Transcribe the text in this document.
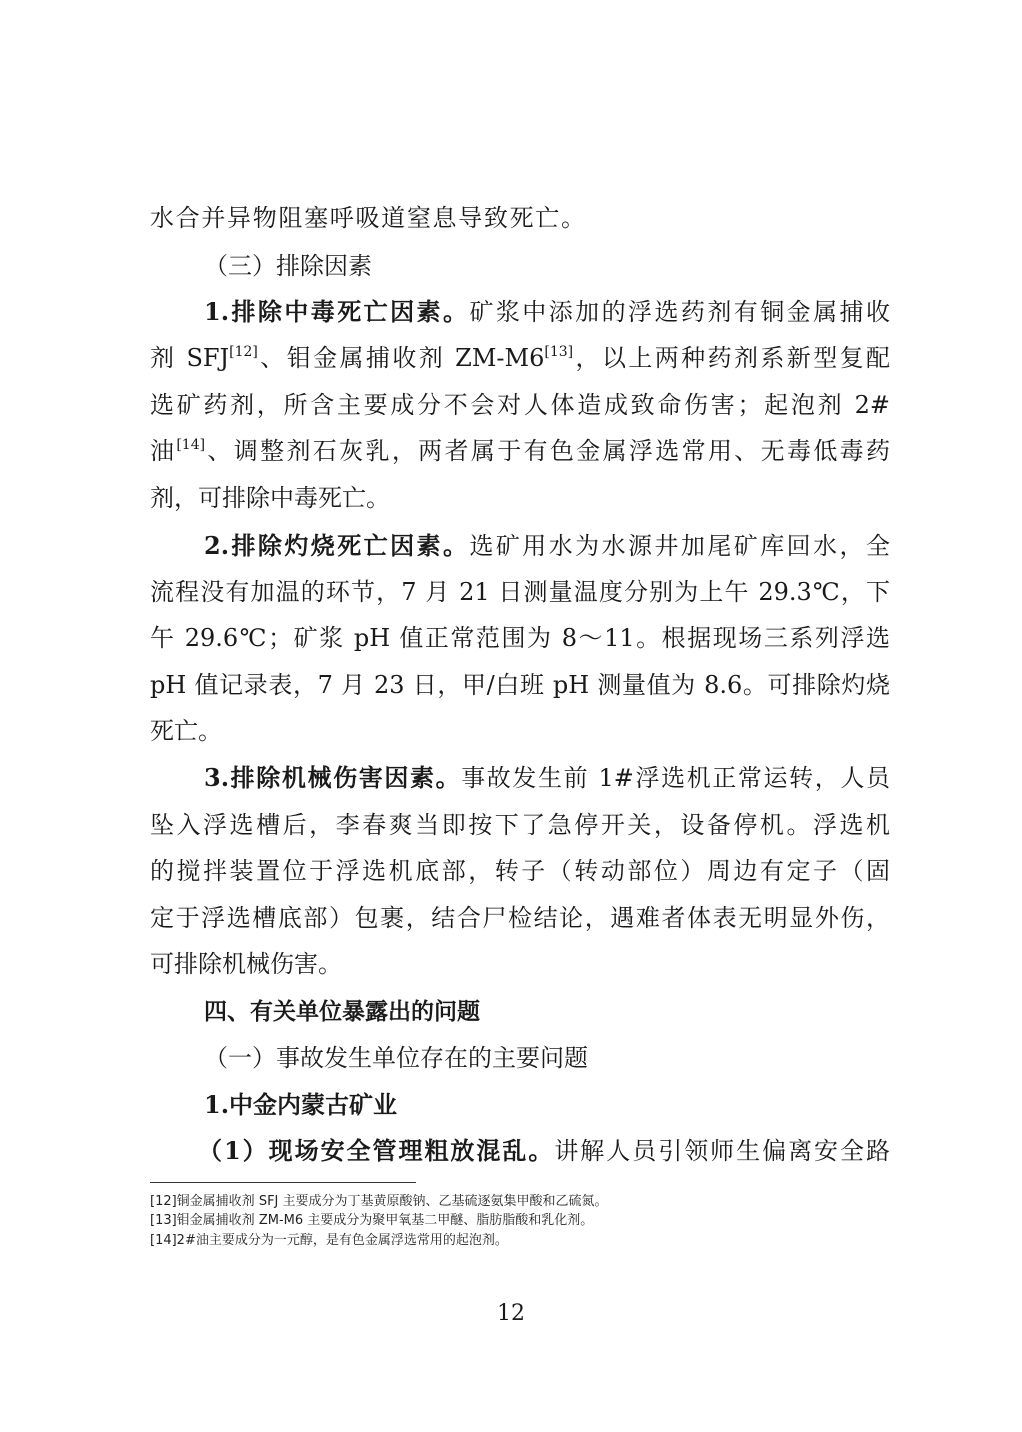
水合并异物阻塞呼吸道窒息导致死亡。
（三）排除因素
1.排除中毒死亡因素。矿浆中添加的浮选药剂有铜金属捕收
剂 SFJ[12]、钼金属捕收剂 ZM-M6[13]，以上两种药剂系新型复配
选矿药剂，所含主要成分不会对人体造成致命伤害；起泡剂 2#
油[14]、调整剂石灰乳，两者属于有色金属浮选常用、无毒低毒药
剂，可排除中毒死亡。
2.排除灼烧死亡因素。选矿用水为水源井加尾矿库回水，全
流程没有加温的环节，7 月 21 日测量温度分别为上午 29.3℃，下
午 29.6℃；矿浆 pH 值正常范围为 8～11。根据现场三系列浮选
pH 值记录表，7 月 23 日，甲/白班 pH 测量值为 8.6。可排除灼烧
死亡。
3.排除机械伤害因素。事故发生前 1#浮选机正常运转，人员
坠入浮选槽后，李春爽当即按下了急停开关，设备停机。浮选机
的搅拌装置位于浮选机底部，转子（转动部位）周边有定子（固
定于浮选槽底部）包裹，结合尸检结论，遇难者体表无明显外伤，
可排除机械伤害。
四、有关单位暴露出的问题
（一）事故发生单位存在的主要问题
1.中金内蒙古矿业
（1）现场安全管理粗放混乱。讲解人员引领师生偏离安全路
[12]铜金属捕收剂 SFJ 主要成分为丁基黄原酸钠、乙基硫逐氨集甲酸和乙硫氮。
[13]钼金属捕收剂 ZM-M6 主要成分为聚甲氧基二甲醚、脂肪脂酸和乳化剂。
[14]2#油主要成分为一元醇，是有色金属浮选常用的起泡剂。
12
